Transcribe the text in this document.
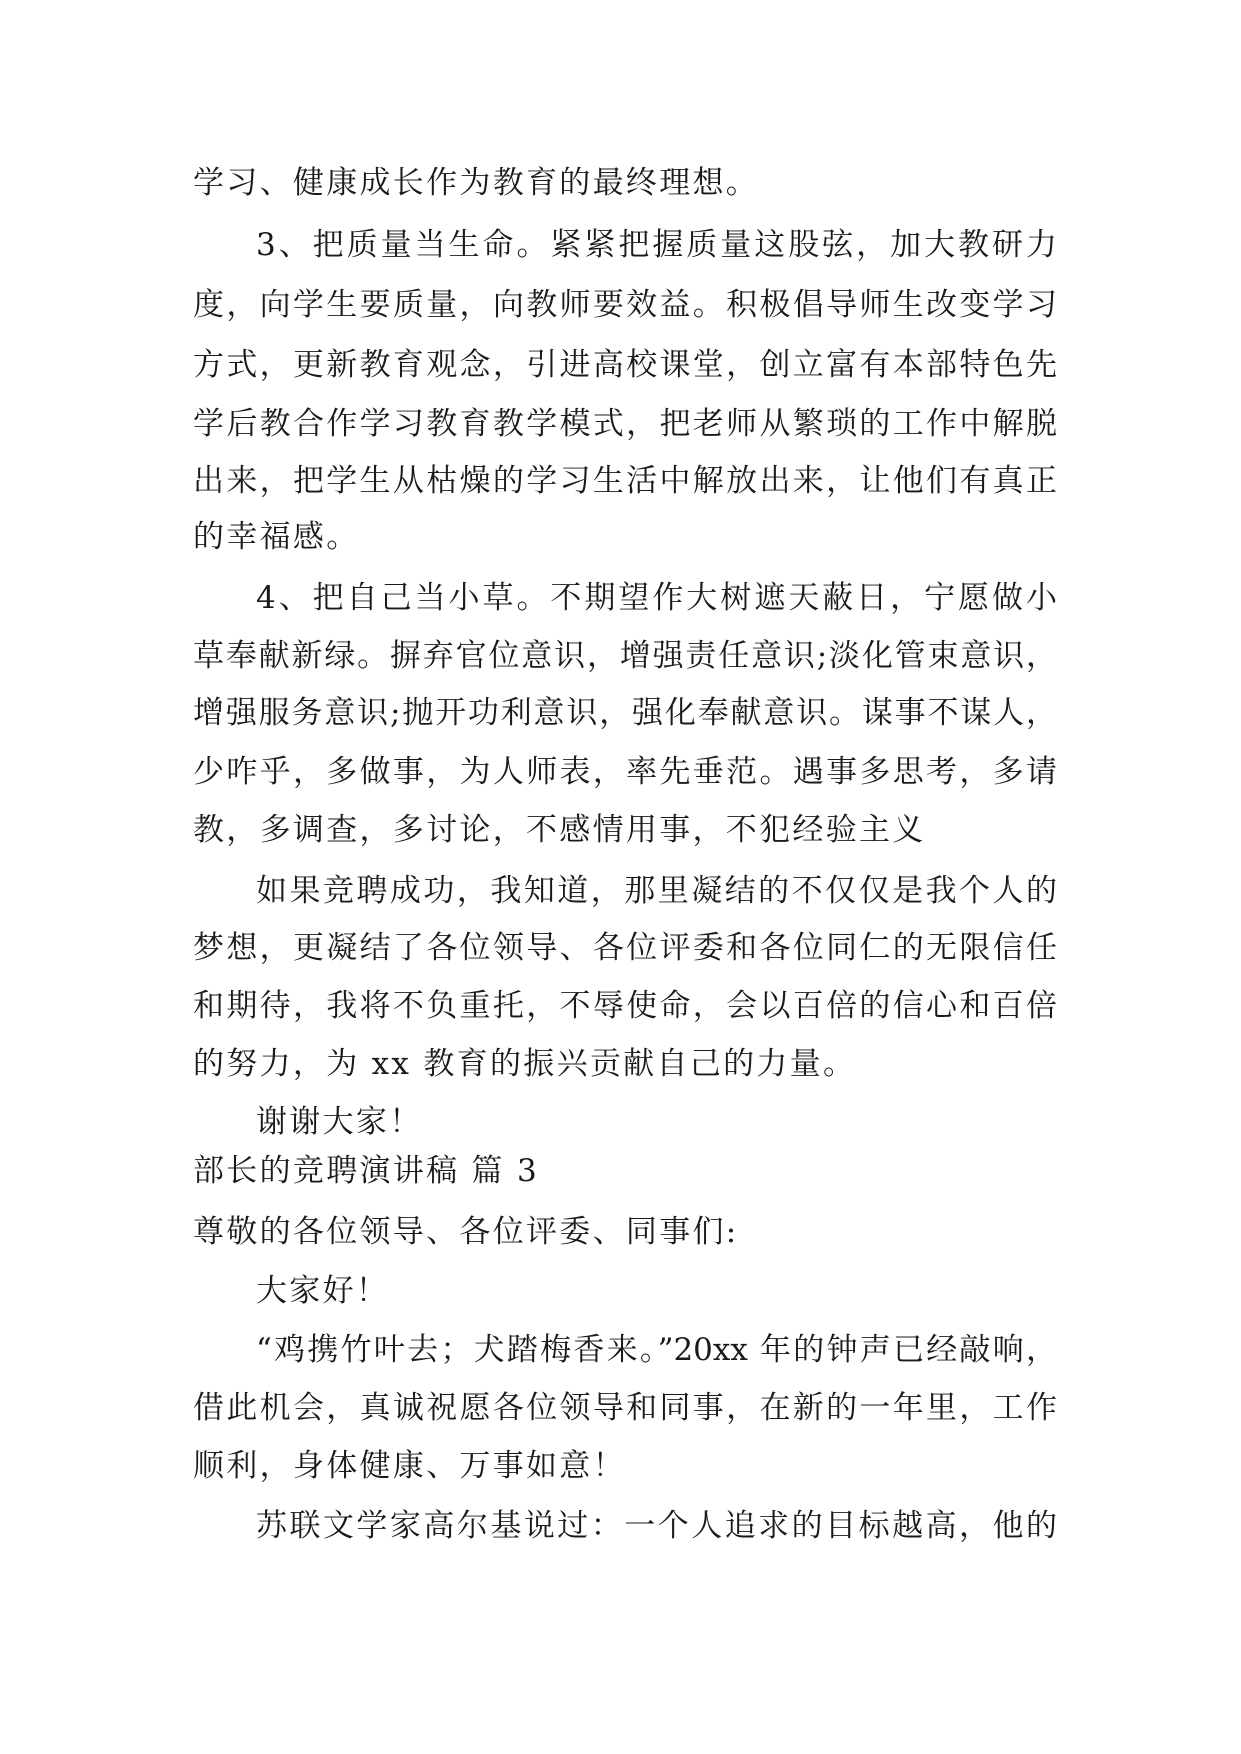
学习、健康成长作为教育的最终理想。
3、把质量当生命。紧紧把握质量这股弦，加大教研力
度，向学生要质量，向教师要效益。积极倡导师生改变学习
方式，更新教育观念，引进高校课堂，创立富有本部特色先
学后教合作学习教育教学模式，把老师从繁琐的工作中解脱
出来，把学生从枯燥的学习生活中解放出来，让他们有真正
的幸福感。
4、把自己当小草。不期望作大树遮天蔽日，宁愿做小
草奉献新绿。摒弃官位意识，增强责任意识;淡化管束意识，
增强服务意识;抛开功利意识，强化奉献意识。谋事不谋人，
少咋乎，多做事，为人师表，率先垂范。遇事多思考，多请
教，多调查，多讨论，不感情用事，不犯经验主义
如果竞聘成功，我知道，那里凝结的不仅仅是我个人的
梦想，更凝结了各位领导、各位评委和各位同仁的无限信任
和期待，我将不负重托，不辱使命，会以百倍的信心和百倍
的努力，为 xx 教育的振兴贡献自己的力量。
谢谢大家！
部长的竞聘演讲稿 篇 3
尊敬的各位领导、各位评委、同事们:
大家好！
“鸡携竹叶去；犬踏梅香来。”20xx 年的钟声已经敲响，
借此机会，真诚祝愿各位领导和同事，在新的一年里，工作
顺利，身体健康、万事如意！
苏联文学家高尔基说过：一个人追求的目标越高，他的
